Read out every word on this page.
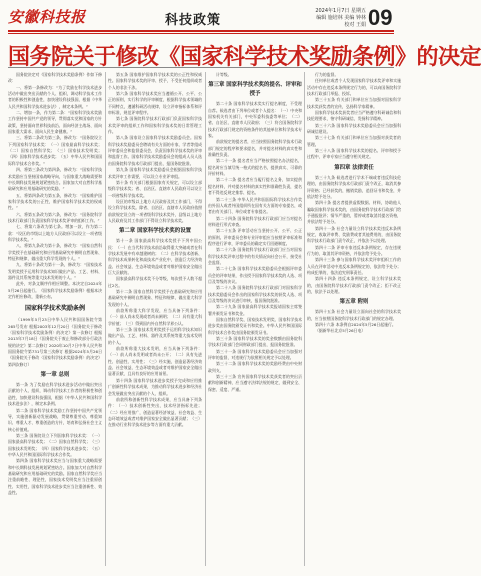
安徽科技报	科技政策
2024年1月7日 星期五
编辑 施培林 美编 钟林
校对 王娟 09
国务院关于修改《国家科学技术奖励条例》的决定

国务院决定对《国家科学技术奖励条例》作如下修改：

一、将第一条修改为：“为了奖励在科学技术进步活动中做出突出贡献的个人、组织，调动科学技术工作者的积极性和创造性，加快建设科技强国，根据《中华人民共和国科学技术进步法》，制定本条例。”

二、增加一条，作为第二条：“国家科学技术奖励工作坚持中国共产党的领导，贯彻落实党和国家的方针政策，坚持面向世界科技前沿、面向经济主战场、面向国家重大需求、面向人民生命健康。”

三、将第二条改为第三条，修改为：“国务院设立下列国家科学技术奖：（一）国家最高科学技术奖；（二）国家自然科学奖；（三）国家技术发明奖；（四）国家科学技术进步奖；（五）中华人民共和国国际科学技术合作奖。”

四、将第三条改为第四条，修改为：“国家科学技术奖励应当坚持国家战略导向，与国家重大战略需要和中长期科技发展规划紧密结合。国家加大对自然科学基础研究和应用基础研究的奖励。”

五、将第四条改为第五条，修改为：“国家维护国家科学技术奖的公正性，维护国家科学技术奖的权威性。”

六、将第五条改为第六条，修改为：“国务院科学技术行政部门负责国家科学技术奖评审的组织工作。”

七、将第六条改为第七条。增加一款，作为第二款：“设区的市级以上地方人民政府可以设立一项省级科学技术奖。”

八、将第九条改为第十条，修改为：“国家自然科学奖授予在基础研究和应用基础研究中阐明自然现象、特征和规律，做出重大科学发现的个人。”

九、将第十条改为第十一条，修改为：“国家技术发明奖授予运用科学技术知识做出产品、工艺、材料、器件及其系统等重大技术发明的个人。”

此外，对条文顺序作相应调整。本决定自2024年5月26日起施行。《国家科学技术奖励条例》根据本决定作相应修改，重新公布。

国家科学技术奖励条例

（1999年5月23日中华人民共和国国务院令第265号发布 根据2003年12月20日《国务院关于修改〈国家科学技术奖励条例〉的决定》第一次修订 根据2013年7月18日《国务院关于废止和修改部分行政法规的决定》第二次修订 2020年10月7日中华人民共和国国务院令第731号第三次修订 根据2024年5月26日《国务院关于修改〈国家科学技术奖励条例〉的决定》第四次修订）

第一章 总则

第一条 为了奖励在科学技术进步活动中做出突出贡献的个人、组织，调动科学技术工作者的积极性和创造性，加快建设科技强国，根据《中华人民共和国科学技术进步法》，制定本条例。

第二条 国家科学技术奖励工作坚持中国共产党领导，实施创新驱动发展战略，贯彻尊重劳动、尊重知识、尊重人才、尊重创造的方针，培育和弘扬社会主义核心价值观。

第三条 国务院设立下列国家科学技术奖：（一）国家最高科学技术奖；（二）国家自然科学奖；（三）国家技术发明奖；（四）国家科学技术进步奖；（五）中华人民共和国国际科学技术合作奖。

第四条 国家科学技术奖应当与国家重大战略需要和中长期科技发展规划紧密结合。国家加大对自然科学基础研究和应用基础研究的奖励。国家自然科学奖应当注重前瞻性、理论性，国家技术发明奖应当注重原创性、实用性，国家科学技术进步奖应当注重创新性、效益性。

第五条 国家维护国家科学技术奖的公正性和权威性。国家科学技术奖的评审、授予，不受任何组织或者个人的非法干涉。

第六条 国家科学技术奖应当遵循公开、公平、公正的原则，实行科学的评审制度，根据科学技术领域的不同特点，遵循科研活动规律，设立评审指标体系和评审标准，规范评审程序。

第七条 国务院科学技术行政部门负责国家科学技术奖评审的组织工作和国家科学技术奖的日常管理工作。

第八条 国家设立国家科学技术奖励委员会。国家科学技术奖励委员会聘请有关方面的专家、学者等组成评审委员会和监督委员会，负责国家科学技术奖的评审和监督工作。国家科学技术奖励委员会的组成人员人选由国务院科学技术行政部门提出，报国务院批准。

第九条 国家科学技术奖励委员会根据国家科学技术奖评审工作需要，可以设立专业评审组。

第十条 有关部门根据国家有关规定，可以设立部级科学技术奖；省、自治区、直辖市人民政府可以设立一项省级科学技术奖。

设区的市级以上地方人民政府及其工作部门，不得设立科学技术奖。除省、自治区、直辖市人民政府依照前款规定设立的一项省级科学技术奖外，县级以上地方人民政府及其工作部门不得设立科学技术奖。

第二章 国家科学技术奖的设置

第十一条 国家最高科学技术奖授予下列中国公民：（一）在当代科学技术前沿取得重大突破或者在科学技术发展中有卓越建树的；（二）在科学技术创新、科学技术成果转化和高技术产业化中，创造巨大经济效益、社会效益、生态环境效益或者对维护国家安全做出巨大贡献的。

国家最高科学技术奖不分等级，每次授予人数不超过2名。

第十二条 国家自然科学奖授予在基础研究和应用基础研究中阐明自然现象、特征和规律，做出重大科学发现的个人。

前款所称重大科学发现，应当具备下列条件：（一）前人尚未发现或者尚未阐明；（二）具有重大科学价值；（三）得到国内外自然科学界公认。

第十三条 国家技术发明奖授予运用科学技术知识做出产品、工艺、材料、器件及其系统等重大技术发明的个人。

前款所称重大技术发明，应当具备下列条件：（一）前人尚未发明或者尚未公开；（二）具有先进性、创造性、实用性；（三）经实施，创造显著经济效益、社会效益、生态环境效益或者对维护国家安全做出显著贡献，且具有良好的应用前景。

第十四条 国家科学技术进步奖授予完成和应用推广创新性科学技术成果，为推动科学技术进步和经济社会发展做出突出贡献的个人、组织。

前款所称创新性科学技术成果，应当具备下列条件：（一）技术创新性突出，技术经济指标先进；（二）经应用推广，创造显著经济效益、社会效益、生态环境效益或者对维护国家安全做出显著贡献；（三）在推动行业科学技术进步等方面有重大贡献。

计等级。

第三章 国家科学技术奖的提名、评审和授予

第二十条 国家科学技术奖实行提名制度，不受理自荐。候选者由下列单位或者个人提名：（一）中央和国家机关有关部门，中央军委科技委等单位；（二）省、自治区、直辖市人民政府；（三）符合国务院科学技术行政部门规定的资格条件的其他单位和科学技术专家。

前款规定的提名者，应当按照国务院科学技术行政部门规定的程序和要求提名，并对提名材料的真实性和准确性负责。

第二十一条 提名者应当严格按照提名办法提名，提名时应当填写统一格式的提名书，提供真实、可靠的评价材料。

第二十二条 提名者应当履行提名义务，如实提供提名材料，并对提名材料的真实性和准确性负责，提名者不得违反规定推荐、提名。

第二十三条 中华人民共和国国际科学技术合作奖由外国人或者外国组织所在国有关方面的专家提名，或者由有关部门、单位或者专家提名。

第二十四条 国务院科学技术行政部门应当对提名材料进行形式审查。

第二十五条 评审活动应当坚持公开、公平、公正的原则。评审委员会和专业评审组应当按照评审标准和程序进行评审，评审委员的确定实行回避制度。

第二十六条 国务院科学技术行政部门应当对国家科学技术奖评审过程中的有关情况向社会公开，接受社会监督。

第二十七条 国家科学技术奖励委员会根据评审委员会的评审结果，作出授予国家科学技术奖的人选、项目及等级的决议。

第二十八条 国务院科学技术行政部门对国家科学技术奖励委员会作出的国家科学技术奖的获奖人选、项目及等级的决议进行审核，报国务院批准。

第二十九条 国家最高科学技术奖报请国家主席签署并颁发证书和奖金。

国家自然科学奖、国家技术发明奖、国家科学技术进步奖由国务院颁发证书和奖金。中华人民共和国国际科学技术合作奖由国务院颁发证书。

第三十条 国家科学技术奖的奖金数额由国务院科学技术行政部门会同财政部门提出，报国务院批准。

第三十一条 国家科学技术奖励委员会应当加强对评审的监督，对违规行为依照相关规定予以处理。

第三十二条 国家科学技术奖的奖励经费由中央财政列支。

第三十三条 宣传国家科学技术奖获奖者的突出贡献和创新精神，应当遵守法律法规的规定，做到安全、保密、适度、严谨。

行为的监督。

任何单位或者个人发现国家科学技术奖评审和实施活动中存在违反本条例规定行为的，可以向国务院科学技术行政部门举报、投诉。

第三十五条 有关部门和单位应当加强对国家科学技术奖获奖者的宣传，弘扬科学家精神。

国家科学技术奖获奖者应当严格遵守科研诚信和科技伦理要求，恪守科研诚信，发扬科学精神。

第三十六条 国家科学技术奖励委员会应当加强科研诚信建设。

第三十七条 有关部门和单位应当加强对获奖者的管理。

第三十八条 国家科学技术奖的提名、评审和授予过程中，评审专家应当遵守相关规定。

第四章 法律责任

第三十九条 候选者进行学术不端或者违反科技伦理的，由国务院科学技术行政部门责令改正，取消其参评资格；已经获奖的，撤销奖励，追回证书和奖金，并依法给予处分。

第四十条 提名者提供虚假数据、材料，协助他人骗取国家科学技术奖的，由国务院科学技术行政部门给予通报批评；情节严重的，暂停或者取消其提名资格，并依法给予处分。

第四十一条 社会力量设立科学技术奖违反本条例规定，收取评审费、奖励费或者其他费用的，由国务院科学技术行政部门责令改正，并依法予以处理。

第四十二条 评审专家违反本条例规定，存在违规行为的，取消其评审资格，并依法给予处分。

第四十三条 参与国家科学技术奖评审组织工作的人员在评审活动中违反本条例规定的，依法给予处分；构成犯罪的，依法追究刑事责任。

第四十四条 违反本条例规定，设立科学技术奖的，由国务院科学技术行政部门责令改正；拒不改正的，依法予以处理。

第五章 附则

第四十五条 社会力量设立面向社会的科学技术奖的，应当按照国务院科学技术行政部门的规定办理。

第四十六条 本条例自2024年5月26日起施行。

（据新华社北京5月26日电）
